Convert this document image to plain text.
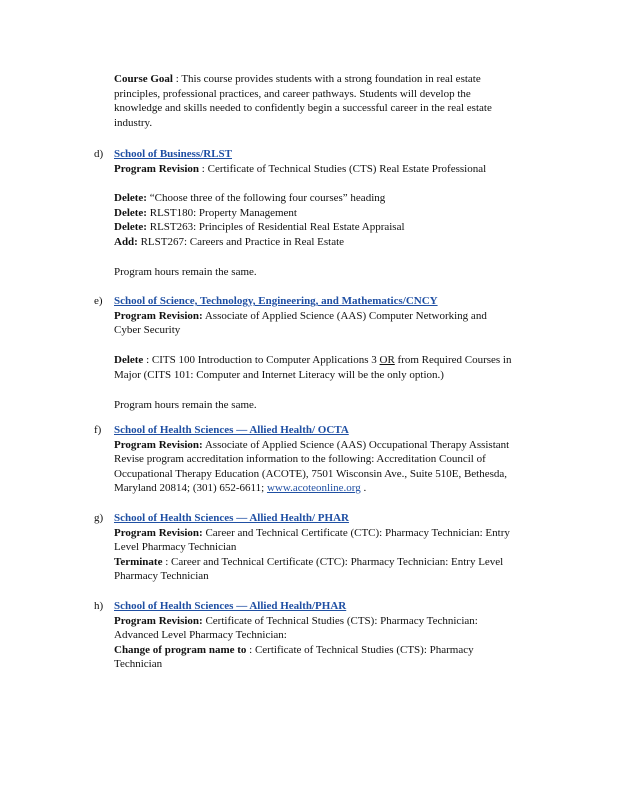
Course Goal : This course provides students with a strong foundation in real estate
principles, professional practices, and career pathways. Students will develop the
knowledge and skills needed to confidently begin a successful career in the real estate
industry.
d) School of Business/RLST
Program Revision : Certificate of Technical Studies (CTS) Real Estate Professional
Delete: “Choose three of the following four courses” heading
Delete: RLST180: Property Management
Delete: RLST263: Principles of Residential Real Estate Appraisal
Add: RLST267: Careers and Practice in Real Estate
Program hours remain the same.
e) School of Science, Technology, Engineering, and Mathematics/CNCY
Program Revision: Associate of Applied Science (AAS) Computer Networking and
Cyber Security
Delete : CITS 100 Introduction to Computer Applications 3 OR from Required Courses in
Major (CITS 101: Computer and Internet Literacy will be the only option.)
Program hours remain the same.
f) School of Health Sciences — Allied Health/ OCTA
Program Revision: Associate of Applied Science (AAS) Occupational Therapy Assistant
Revise program accreditation information to the following: Accreditation Council of
Occupational Therapy Education (ACOTE), 7501 Wisconsin Ave., Suite 510E, Bethesda,
Maryland 20814; (301) 652-6611; www.acoteonline.org .
g) School of Health Sciences — Allied Health/ PHAR
Program Revision: Career and Technical Certificate (CTC): Pharmacy Technician: Entry
Level Pharmacy Technician
Terminate : Career and Technical Certificate (CTC): Pharmacy Technician: Entry Level
Pharmacy Technician
h) School of Health Sciences — Allied Health/PHAR
Program Revision: Certificate of Technical Studies (CTS): Pharmacy Technician:
Advanced Level Pharmacy Technician:
Change of program name to : Certificate of Technical Studies (CTS): Pharmacy
Technician
